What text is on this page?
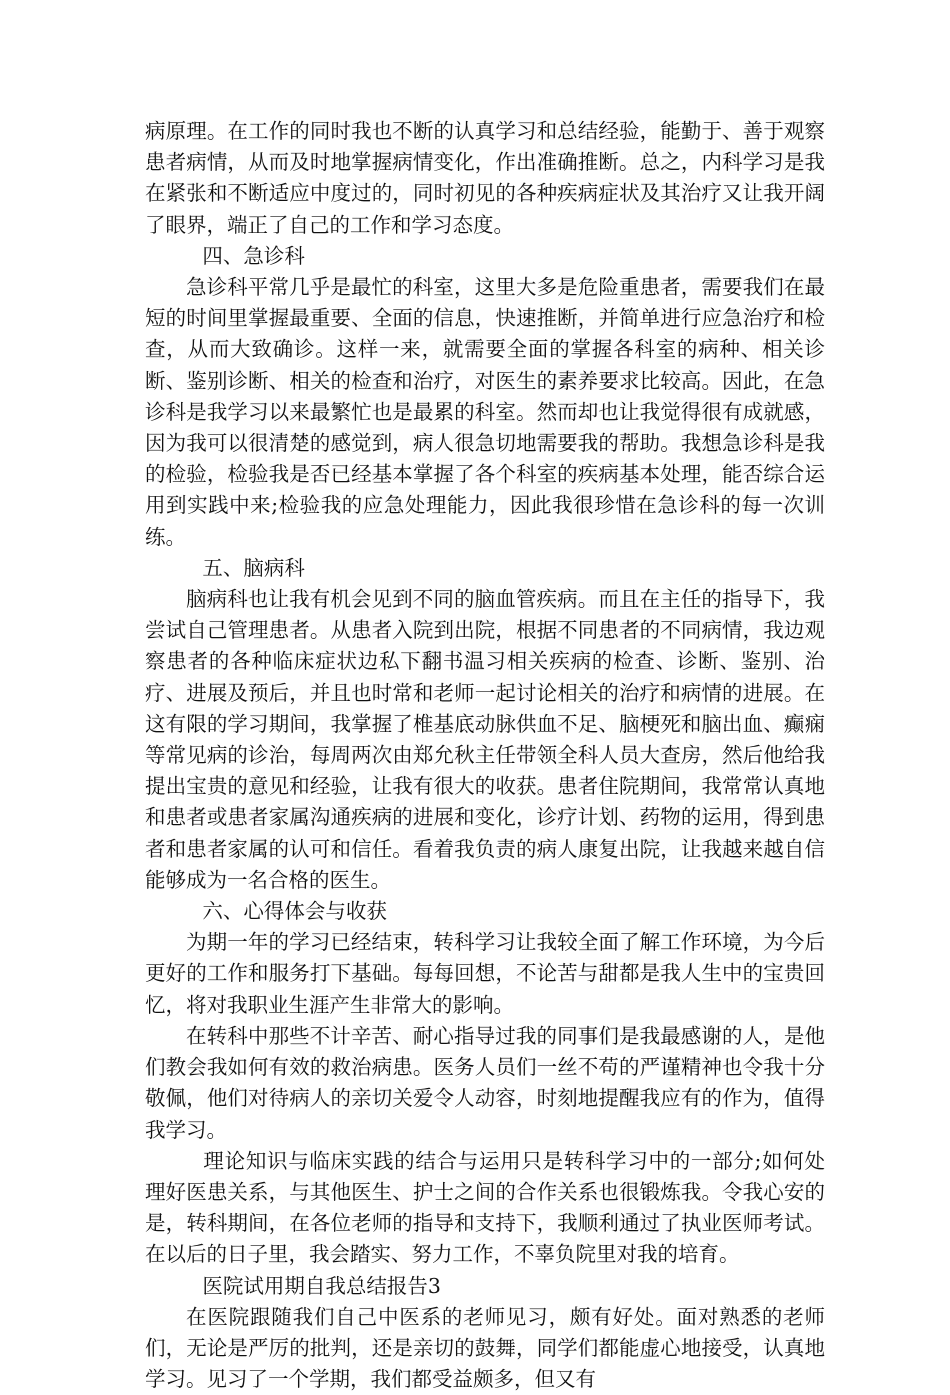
病原理。在工作的同时我也不断的认真学习和总结经验，能勤于、善于观察患者病情，从而及时地掌握病情变化，作出准确推断。总之，内科学习是我在紧张和不断适应中度过的，同时初见的各种疾病症状及其治疗又让我开阔了眼界，端正了自己的工作和学习态度。

四、急诊科

急诊科平常几乎是最忙的科室，这里大多是危险重患者，需要我们在最短的时间里掌握最重要、全面的信息，快速推断，并简单进行应急治疗和检查，从而大致确诊。这样一来，就需要全面的掌握各科室的病种、相关诊断、鉴别诊断、相关的检查和治疗，对医生的素养要求比较高。因此，在急诊科是我学习以来最繁忙也是最累的科室。然而却也让我觉得很有成就感，因为我可以很清楚的感觉到，病人很急切地需要我的帮助。我想急诊科是我的检验，检验我是否已经基本掌握了各个科室的疾病基本处理，能否综合运用到实践中来;检验我的应急处理能力，因此我很珍惜在急诊科的每一次训练。

五、脑病科

脑病科也让我有机会见到不同的脑血管疾病。而且在主任的指导下，我尝试自己管理患者。从患者入院到出院，根据不同患者的不同病情，我边观察患者的各种临床症状边私下翻书温习相关疾病的检查、诊断、鉴别、治疗、进展及预后，并且也时常和老师一起讨论相关的治疗和病情的进展。在这有限的学习期间，我掌握了椎基底动脉供血不足、脑梗死和脑出血、癫痫等常见病的诊治，每周两次由郑允秋主任带领全科人员大查房，然后他给我提出宝贵的意见和经验，让我有很大的收获。患者住院期间，我常常认真地和患者或患者家属沟通疾病的进展和变化，诊疗计划、药物的运用，得到患者和患者家属的认可和信任。看着我负责的病人康复出院，让我越来越自信能够成为一名合格的医生。

六、心得体会与收获

为期一年的学习已经结束，转科学习让我较全面了解工作环境，为今后更好的工作和服务打下基础。每每回想，不论苦与甜都是我人生中的宝贵回忆，将对我职业生涯产生非常大的影响。

在转科中那些不计辛苦、耐心指导过我的同事们是我最感谢的人，是他们教会我如何有效的救治病患。医务人员们一丝不苟的严谨精神也令我十分敬佩，他们对待病人的亲切关爱令人动容，时刻地提醒我应有的作为，值得我学习。

理论知识与临床实践的结合与运用只是转科学习中的一部分;如何处理好医患关系，与其他医生、护士之间的合作关系也很锻炼我。令我心安的是，转科期间，在各位老师的指导和支持下，我顺利通过了执业医师考试。在以后的日子里，我会踏实、努力工作，不辜负院里对我的培育。

医院试用期自我总结报告3

在医院跟随我们自己中医系的老师见习，颇有好处。面对熟悉的老师们，无论是严厉的批判，还是亲切的鼓舞，同学们都能虚心地接受，认真地学习。见习了一个学期，我们都受益颇多，但又有
